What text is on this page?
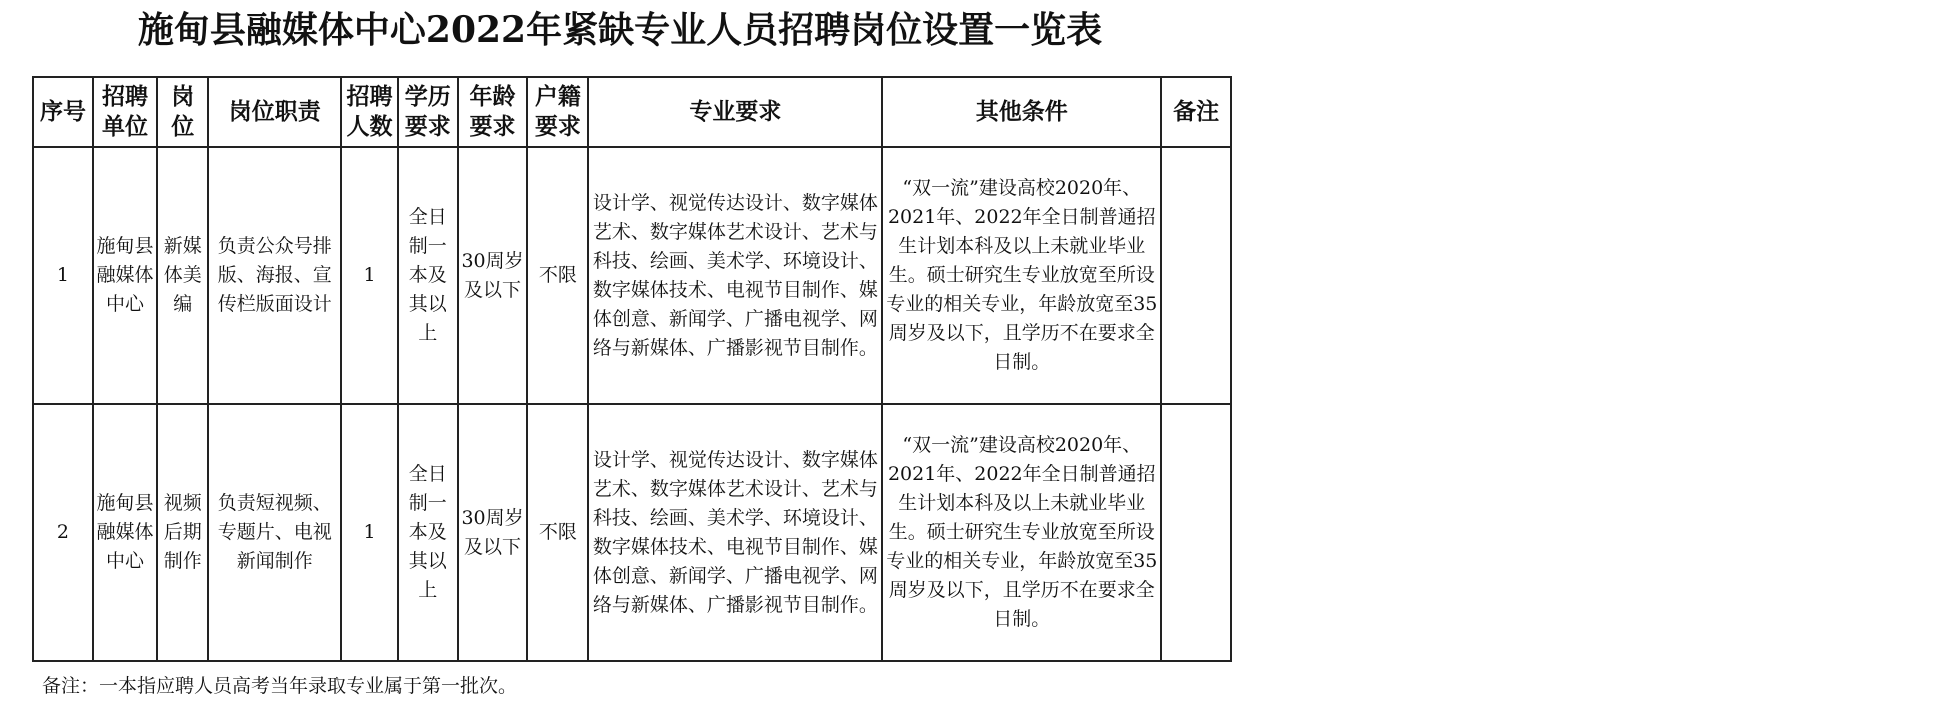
施甸县融媒体中心2022年紧缺专业人员招聘岗位设置一览表
序号	招聘单位	岗位	岗位职责	招聘人数	学历要求	年龄要求	户籍要求	专业要求	其他条件	备注
1	施甸县融媒体中心	新媒体美编	负责公众号排版、海报、宣传栏版面设计	1	全日制一本及其以上	30周岁及以下	不限	设计学、视觉传达设计、数字媒体艺术、数字媒体艺术设计、艺术与科技、绘画、美术学、环境设计、数字媒体技术、电视节目制作、媒体创意、新闻学、广播电视学、网络与新媒体、广播影视节目制作。	“双一流”建设高校2020年、2021年、2022年全日制普通招生计划本科及以上未就业毕业生。硕士研究生专业放宽至所设专业的相关专业，年龄放宽至35周岁及以下，且学历不在要求全日制。	
2	施甸县融媒体中心	视频后期制作	负责短视频、专题片、电视新闻制作	1	全日制一本及其以上	30周岁及以下	不限	设计学、视觉传达设计、数字媒体艺术、数字媒体艺术设计、艺术与科技、绘画、美术学、环境设计、数字媒体技术、电视节目制作、媒体创意、新闻学、广播电视学、网络与新媒体、广播影视节目制作。	“双一流”建设高校2020年、2021年、2022年全日制普通招生计划本科及以上未就业毕业生。硕士研究生专业放宽至所设专业的相关专业，年龄放宽至35周岁及以下，且学历不在要求全日制。	
备注：一本指应聘人员高考当年录取专业属于第一批次。
